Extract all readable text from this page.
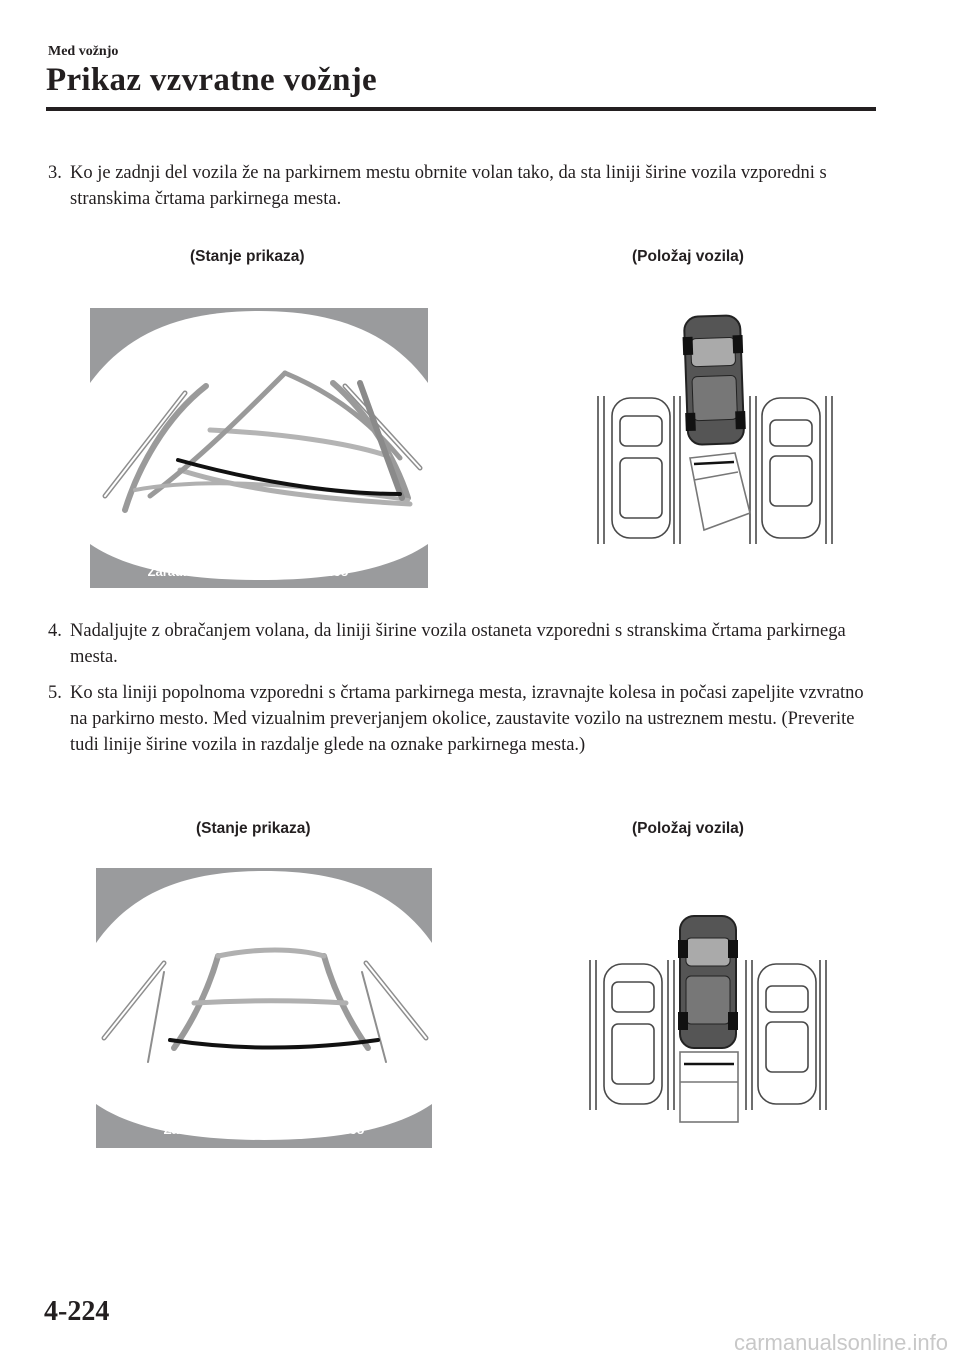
Med vožnjo
Prikaz vzvratne vožnje
3. Ko je zadnji del vozila že na parkirnem mestu obrnite volan tako, da sta liniji širine vozila vzporedni s stranskima črtama parkirnega mesta.
(Stanje prikaza)	(Položaj vozila)
Zaradi varnosti preverite okolico
4. Nadaljujte z obračanjem volana, da liniji širine vozila ostaneta vzporedni s stranskima črtama parkirnega mesta.
5. Ko sta liniji popolnoma vzporedni s črtama parkirnega mesta, izravnajte kolesa in počasi zapeljite vzvratno na parkirno mesto. Med vizualnim preverjanjem okolice, zaustavite vozilo na ustreznem mestu. (Preverite tudi linije širine vozila in razdalje glede na oznake parkirnega mesta.)
(Stanje prikaza)	(Položaj vozila)
Zaradi varnosti preverite okolico
4-224
carmanualsonline.info
